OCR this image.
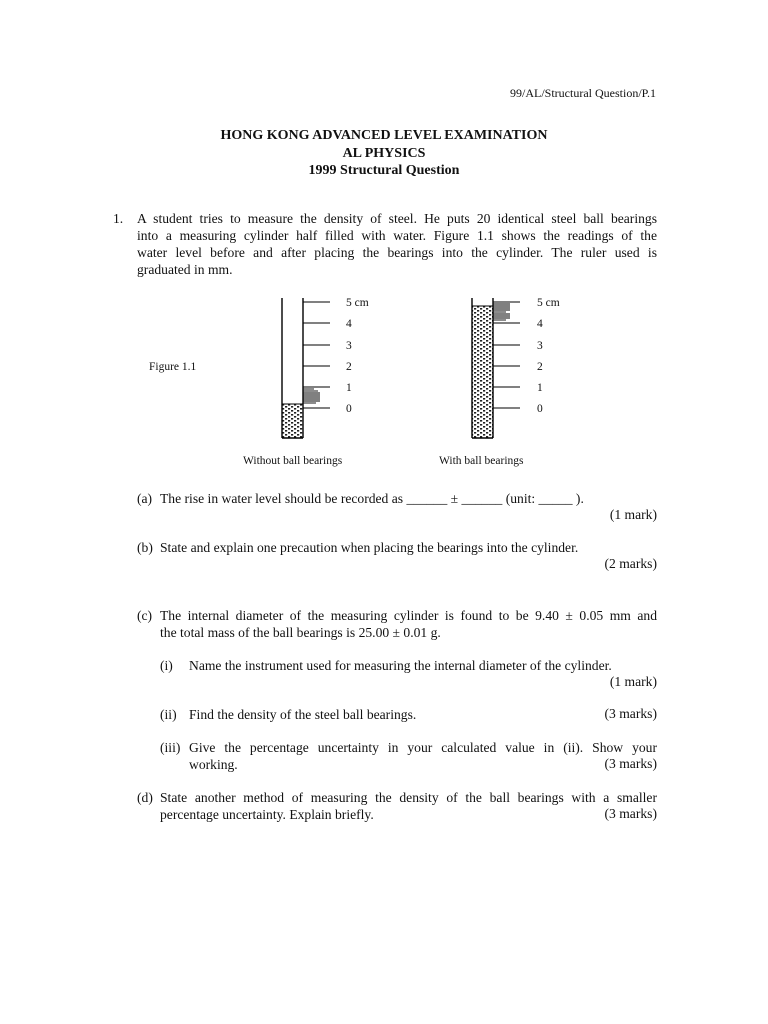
99/AL/Structural Question/P.1
HONG KONG ADVANCED LEVEL EXAMINATION
AL PHYSICS
1999 Structural Question
1. A student tries to measure the density of steel. He puts 20 identical steel ball bearings
into a measuring cylinder half filled with water. Figure 1.1 shows the readings of the
water level before and after placing the bearings into the cylinder. The ruler used is
graduated in mm.
5 cm
4
3
2
1
0
5 cm
4
3
2
1
0
Figure 1.1
Without ball bearings	With ball bearings
(a) The rise in water level should be recorded as ______ ± ______ (unit: _____ ).
(1 mark)
(b) State and explain one precaution when placing the bearings into the cylinder.
(2 marks)
(c) The internal diameter of the measuring cylinder is found to be 9.40 ± 0.05 mm and
the total mass of the ball bearings is 25.00 ± 0.01 g.
(i) Name the instrument used for measuring the internal diameter of the cylinder.
(1 mark)
(ii) Find the density of the steel ball bearings.	(3 marks)
(iii) Give the percentage uncertainty in your calculated value in (ii). Show your
working.	(3 marks)
(d) State another method of measuring the density of the ball bearings with a smaller
percentage uncertainty. Explain briefly.	(3 marks)
